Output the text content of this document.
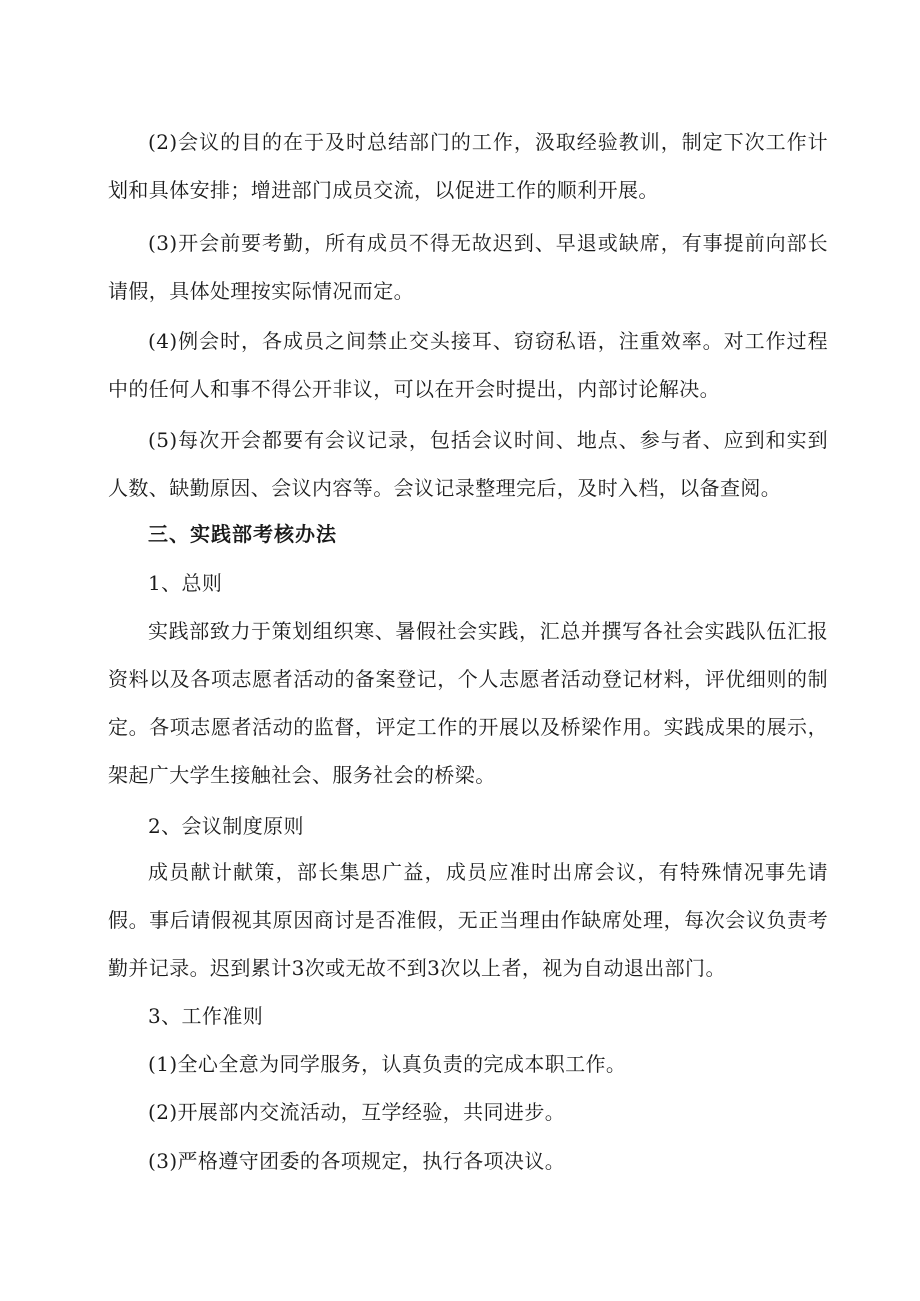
(2)会议的目的在于及时总结部门的工作，汲取经验教训，制定下次工作计划和具体安排；增进部门成员交流，以促进工作的顺利开展。

(3)开会前要考勤，所有成员不得无故迟到、早退或缺席，有事提前向部长请假，具体处理按实际情况而定。

(4)例会时，各成员之间禁止交头接耳、窃窃私语，注重效率。对工作过程中的任何人和事不得公开非议，可以在开会时提出，内部讨论解决。

(5)每次开会都要有会议记录，包括会议时间、地点、参与者、应到和实到人数、缺勤原因、会议内容等。会议记录整理完后，及时入档，以备查阅。

三、实践部考核办法

1、总则

实践部致力于策划组织寒、暑假社会实践，汇总并撰写各社会实践队伍汇报资料以及各项志愿者活动的备案登记，个人志愿者活动登记材料，评优细则的制定。各项志愿者活动的监督，评定工作的开展以及桥梁作用。实践成果的展示，架起广大学生接触社会、服务社会的桥梁。

2、会议制度原则

成员献计献策，部长集思广益，成员应准时出席会议，有特殊情况事先请假。事后请假视其原因商讨是否准假，无正当理由作缺席处理，每次会议负责考勤并记录。迟到累计3次或无故不到3次以上者，视为自动退出部门。

3、工作准则

(1)全心全意为同学服务，认真负责的完成本职工作。

(2)开展部内交流活动，互学经验，共同进步。

(3)严格遵守团委的各项规定，执行各项决议。
